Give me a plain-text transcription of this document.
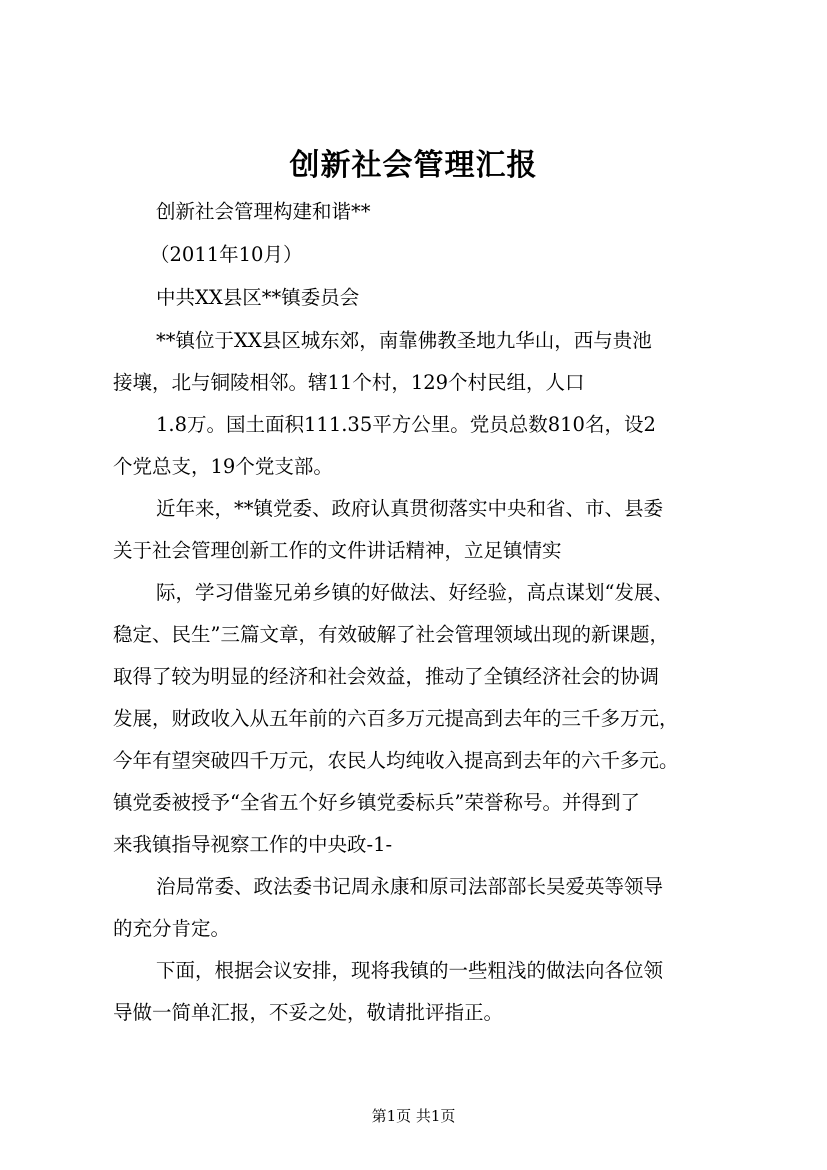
创新社会管理汇报
创新社会管理构建和谐**
（2011年10月）
中共XX县区**镇委员会
**镇位于XX县区城东郊，南靠佛教圣地九华山，西与贵池
接壤，北与铜陵相邻。辖11个村，129个村民组，人口
1.8万。国土面积111.35平方公里。党员总数810名，设2
个党总支，19个党支部。
近年来，**镇党委、政府认真贯彻落实中央和省、市、县委
关于社会管理创新工作的文件讲话精神，立足镇情实
际，学习借鉴兄弟乡镇的好做法、好经验，高点谋划“发展、
稳定、民生”三篇文章，有效破解了社会管理领域出现的新课题，
取得了较为明显的经济和社会效益，推动了全镇经济社会的协调
发展，财政收入从五年前的六百多万元提高到去年的三千多万元，
今年有望突破四千万元，农民人均纯收入提高到去年的六千多元。
镇党委被授予“全省五个好乡镇党委标兵”荣誉称号。并得到了
来我镇指导视察工作的中央政-1-
治局常委、政法委书记周永康和原司法部部长吴爱英等领导
的充分肯定。
下面，根据会议安排，现将我镇的一些粗浅的做法向各位领
导做一简单汇报，不妥之处，敬请批评指正。
第1页 共1页
